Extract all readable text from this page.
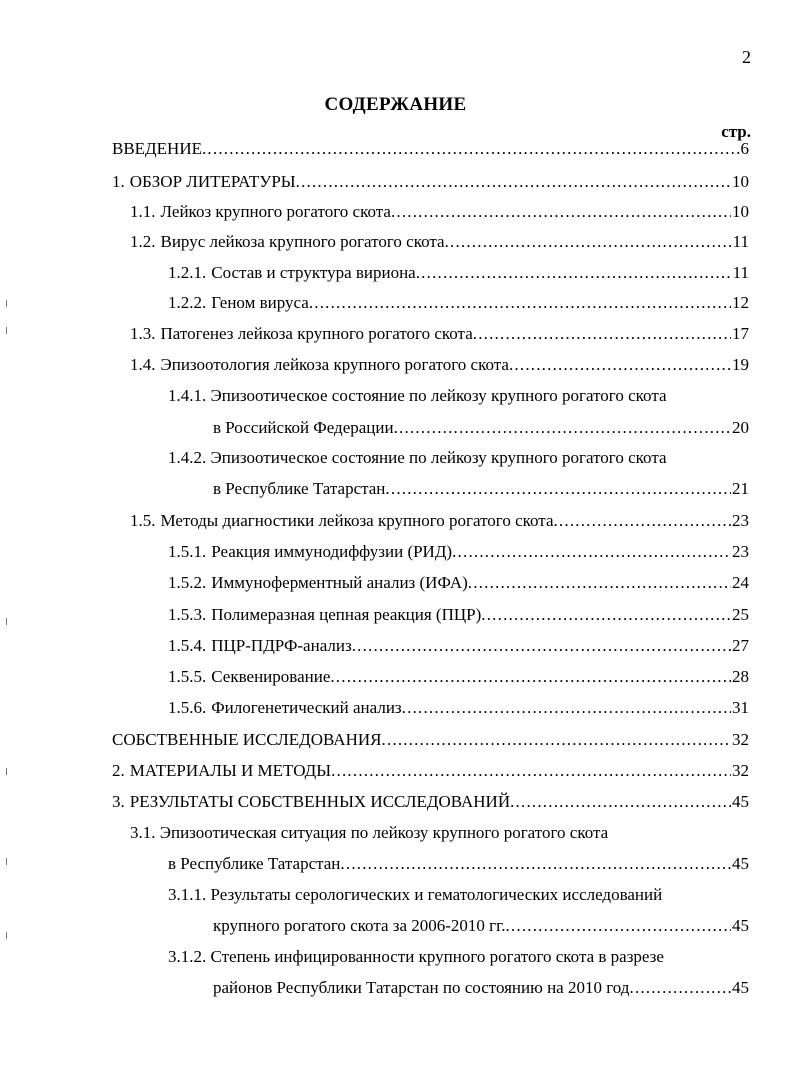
2
СОДЕРЖАНИЕ
стр.
ВВЕДЕНИЕ .....	6
1. ОБЗОР ЛИТЕРАТУРЫ .....	10
1.1. Лейкоз крупного рогатого скота .....	10
1.2. Вирус лейкоза крупного рогатого скота .....	11
1.2.1. Состав и структура вириона .....	11
1.2.2. Геном вируса .....	12
1.3. Патогенез лейкоза крупного рогатого скота .....	17
1.4. Эпизоотология лейкоза крупного рогатого скота .....	19
1.4.1. Эпизоотическое состояние по лейкозу крупного рогатого скота
в Российской Федерации .....	20
1.4.2. Эпизоотическое состояние по лейкозу крупного рогатого скота
в Республике Татарстан .....	21
1.5. Методы диагностики лейкоза крупного рогатого скота .....	23
1.5.1. Реакция иммунодиффузии (РИД) .....	23
1.5.2. Иммуноферментный анализ (ИФА) .....	24
1.5.3. Полимеразная цепная реакция (ПЦР) .....	25
1.5.4. ПЦР-ПДРФ-анализ .....	27
1.5.5. Секвенирование .....	28
1.5.6. Филогенетический анализ .....	31
СОБСТВЕННЫЕ ИССЛЕДОВАНИЯ .....	32
2. МАТЕРИАЛЫ И МЕТОДЫ .....	32
3. РЕЗУЛЬТАТЫ СОБСТВЕННЫХ ИССЛЕДОВАНИЙ .....	45
3.1. Эпизоотическая ситуация по лейкозу крупного рогатого скота
в Республике Татарстан .....	45
3.1.1. Результаты серологических и гематологических исследований
крупного рогатого скота за 2006-2010 гг. .....	45
3.1.2. Степень инфицированности крупного рогатого скота в разрезе
районов Республики Татарстан по состоянию на 2010 год .....	45
